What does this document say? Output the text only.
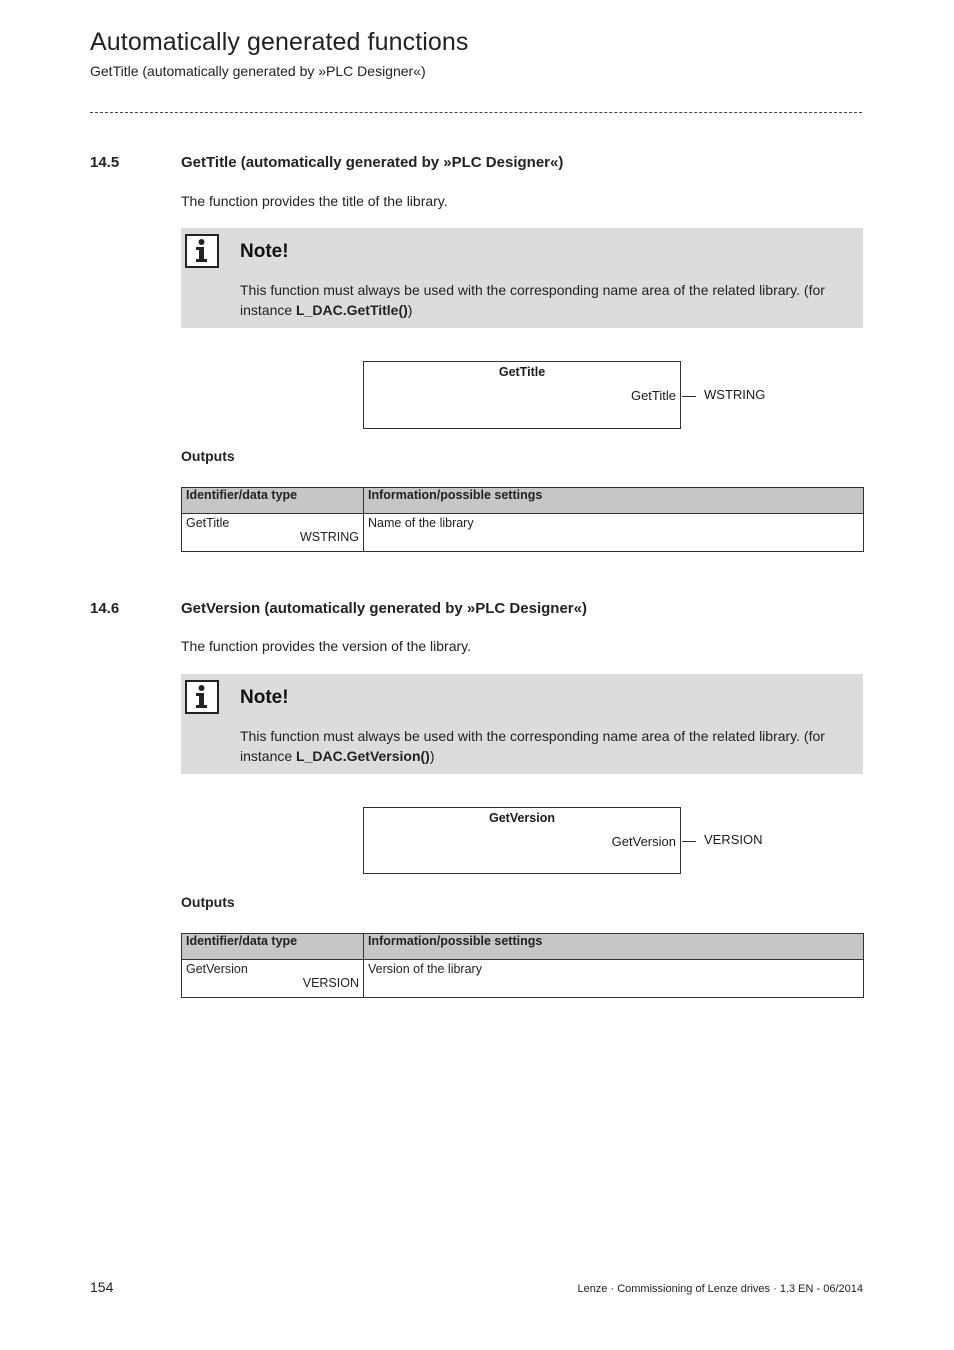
Automatically generated functions
GetTitle (automatically generated by »PLC Designer«)
14.5	GetTitle (automatically generated by »PLC Designer«)
The function provides the title of the library.
Note!
This function must always be used with the corresponding name area of the related library. (for instance L_DAC.GetTitle())
GetTitle
GetTitle WSTRING
Outputs
Identifier/data type	Information/possible settings

GetTitle
WSTRING	Name of the library
14.6	GetVersion (automatically generated by »PLC Designer«)
The function provides the version of the library.
Note!
This function must always be used with the corresponding name area of the related library. (for instance L_DAC.GetVersion())
GetVersion
GetVersion VERSION
Outputs
Identifier/data type	Information/possible settings

GetVersion
VERSION	Version of the library
154	Lenze · Commissioning of Lenze drives · 1.3 EN - 06/2014
